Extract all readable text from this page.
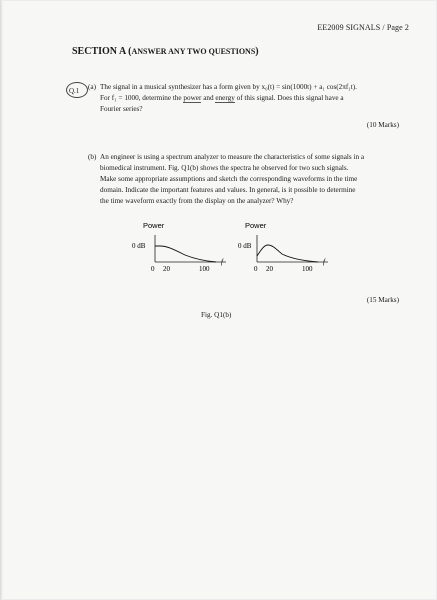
EE2009 SIGNALS / Page 2
SECTION A (ANSWER ANY TWO QUESTIONS)
Q.1	(a) The signal in a musical synthesizer has a form given by x₀(t) = sin(1000t) + a₁ cos(2πf₁t).
For f₁ = 1000, determine the power and energy of this signal. Does this signal have a
Fourier series?
(10 Marks)
(b) An engineer is using a spectrum analyzer to measure the characteristics of some signals in a
biomedical instrument. Fig. Q1(b) shows the spectra he observed for two such signals.
Make some appropriate assumptions and sketch the corresponding waveforms in the time
domain. Indicate the important features and values. In general, is it possible to determine
the time waveform exactly from the display on the analyzer? Why?
Power
0 dB
f
0 20	100
Power
0 dB
f
0 20	100
(15 Marks)
Fig. Q1(b)
